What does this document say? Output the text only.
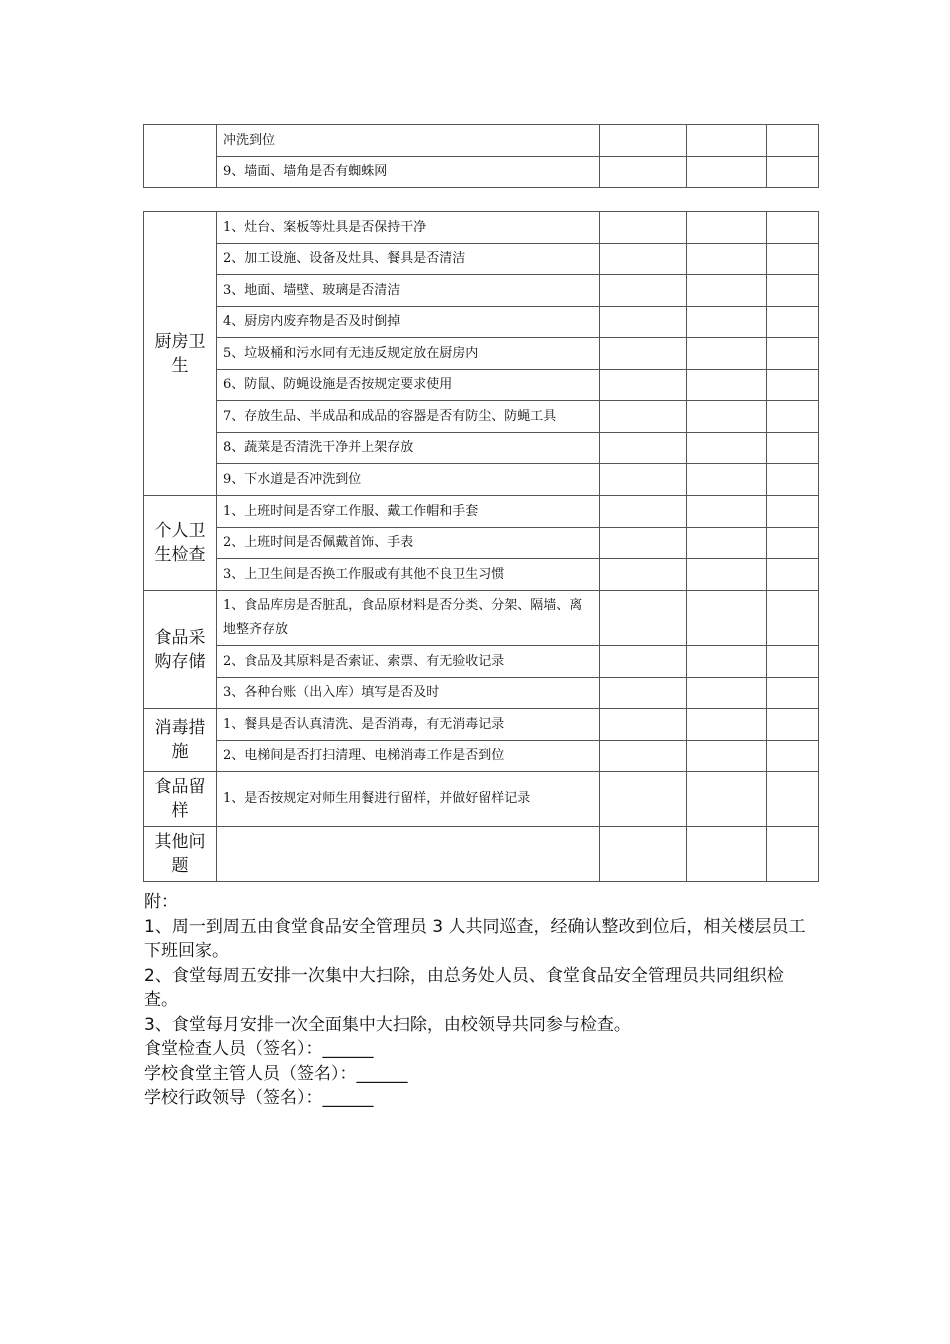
	冲洗到位			
	9、墙面、墙角是否有蜘蛛网			
厨房卫生	1、灶台、案板等灶具是否保持干净			
	2、加工设施、设备及灶具、餐具是否清洁			
	3、地面、墙壁、玻璃是否清洁			
	4、厨房内废弃物是否及时倒掉			
	5、垃圾桶和污水同有无违反规定放在厨房内			
	6、防鼠、防蝇设施是否按规定要求使用			
	7、存放生品、半成品和成品的容器是否有防尘、防蝇工具			
	8、蔬菜是否清洗干净并上架存放			
	9、下水道是否冲洗到位			
个人卫生检查	1、上班时间是否穿工作服、戴工作帽和手套			
	2、上班时间是否佩戴首饰、手表			
	3、上卫生间是否换工作服或有其他不良卫生习惯			
食品采购存储	1、食品库房是否脏乱，食品原材料是否分类、分架、隔墙、离地整齐存放			
	2、食品及其原料是否索证、索票、有无验收记录			
	3、各种台账（出入库）填写是否及时			
消毒措施	1、餐具是否认真清洗、是否消毒，有无消毒记录			
	2、电梯间是否打扫清理、电梯消毒工作是否到位			
食品留样	1、是否按规定对师生用餐进行留样，并做好留样记录			
其他问题				

附：

1、周一到周五由食堂食品安全管理员 3 人共同巡查，经确认整改到位后，相关楼层员工下班回家。

2、食堂每周五安排一次集中大扫除，由总务处人员、食堂食品安全管理员共同组织检查。

3、食堂每月安排一次全面集中大扫除，由校领导共同参与检查。

食堂检查人员（签名）：______

学校食堂主管人员（签名）：______

学校行政领导（签名）：______
